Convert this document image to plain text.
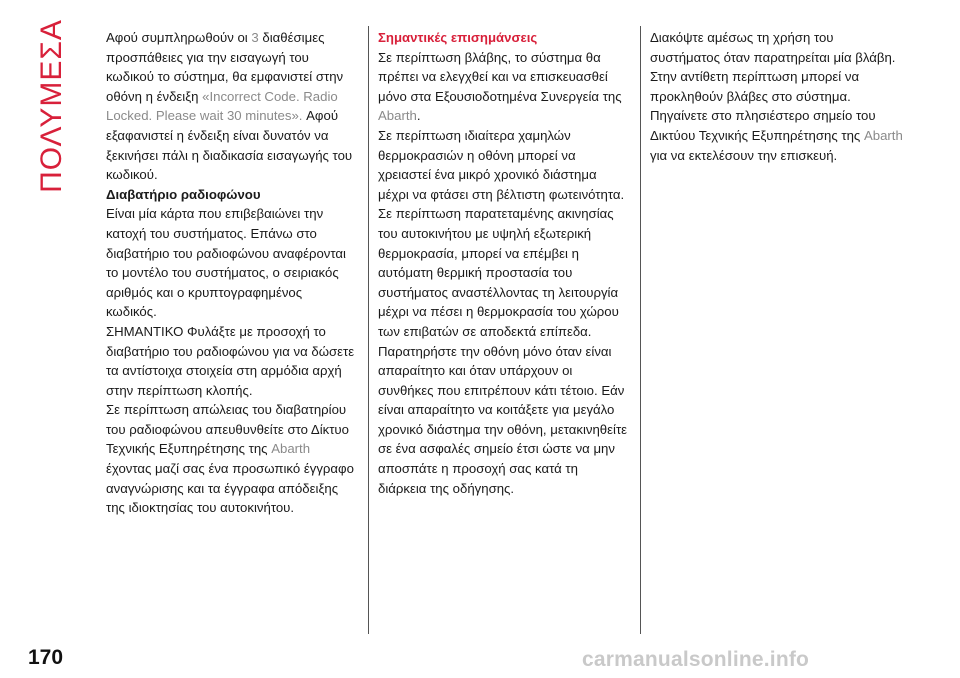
ΠΟΛΥΜΕΣΑ	Αφού συμπληρωθούν οι 3 διαθέσιμες προσπάθειες για την εισαγωγή του κωδικού το σύστημα, θα εμφανιστεί στην οθόνη η ένδειξη «Incorrect Code. Radio Locked. Please wait 30 minutes». Αφού εξαφανιστεί η ένδειξη είναι δυνατόν να ξεκινήσει πάλι η διαδικασία εισαγωγής του κωδικού.

Διαβατήριο ραδιοφώνου

Είναι μία κάρτα που επιβεβαιώνει την κατοχή του συστήματος. Επάνω στο διαβατήριο του ραδιοφώνου αναφέρονται το μοντέλο του συστήματος, ο σειριακός αριθμός και ο κρυπτογραφημένος κωδικός.

ΣΗΜΑΝΤΙΚΟ Φυλάξτε με προσοχή το διαβατήριο του ραδιοφώνου για να δώσετε τα αντίστοιχα στοιχεία στη αρμόδια αρχή στην περίπτωση κλοπής.

Σε περίπτωση απώλειας του διαβατηρίου του ραδιοφώνου απευθυνθείτε στο Δίκτυο Τεχνικής Εξυπηρέτησης της Abarth έχοντας μαζί σας ένα προσωπικό έγγραφο αναγνώρισης και τα έγγραφα απόδειξης της ιδιοκτησίας του αυτοκινήτου.

Σημαντικές επισημάνσεις

Σε περίπτωση βλάβης, το σύστημα θα πρέπει να ελεγχθεί και να επισκευασθεί μόνο στα Εξουσιοδοτημένα Συνεργεία της Abarth.

Σε περίπτωση ιδιαίτερα χαμηλών θερμοκρασιών η οθόνη μπορεί να χρειαστεί ένα μικρό χρονικό διάστημα μέχρι να φτάσει στη βέλτιστη φωτεινότητα.

Σε περίπτωση παρατεταμένης ακινησίας του αυτοκινήτου με υψηλή εξωτερική θερμοκρασία, μπορεί να επέμβει η αυτόματη θερμική προστασία του συστήματος αναστέλλοντας τη λειτουργία μέχρι να πέσει η θερμοκρασία του χώρου των επιβατών σε αποδεκτά επίπεδα.

Παρατηρήστε την οθόνη μόνο όταν είναι απαραίτητο και όταν υπάρχουν οι συνθήκες που επιτρέπουν κάτι τέτοιο. Εάν είναι απαραίτητο να κοιτάξετε για μεγάλο χρονικό διάστημα την οθόνη, μετακινηθείτε σε ένα ασφαλές σημείο έτσι ώστε να μην αποσπάτε η προσοχή σας κατά τη διάρκεια της οδήγησης.

Διακόψτε αμέσως τη χρήση του συστήματος όταν παρατηρείται μία βλάβη. Στην αντίθετη περίπτωση μπορεί να προκληθούν βλάβες στο σύστημα. Πηγαίνετε στο πλησιέστερο σημείο του Δικτύου Τεχνικής Εξυπηρέτησης της Abarth για να εκτελέσουν την επισκευή.

170	carmanualsonline.info
